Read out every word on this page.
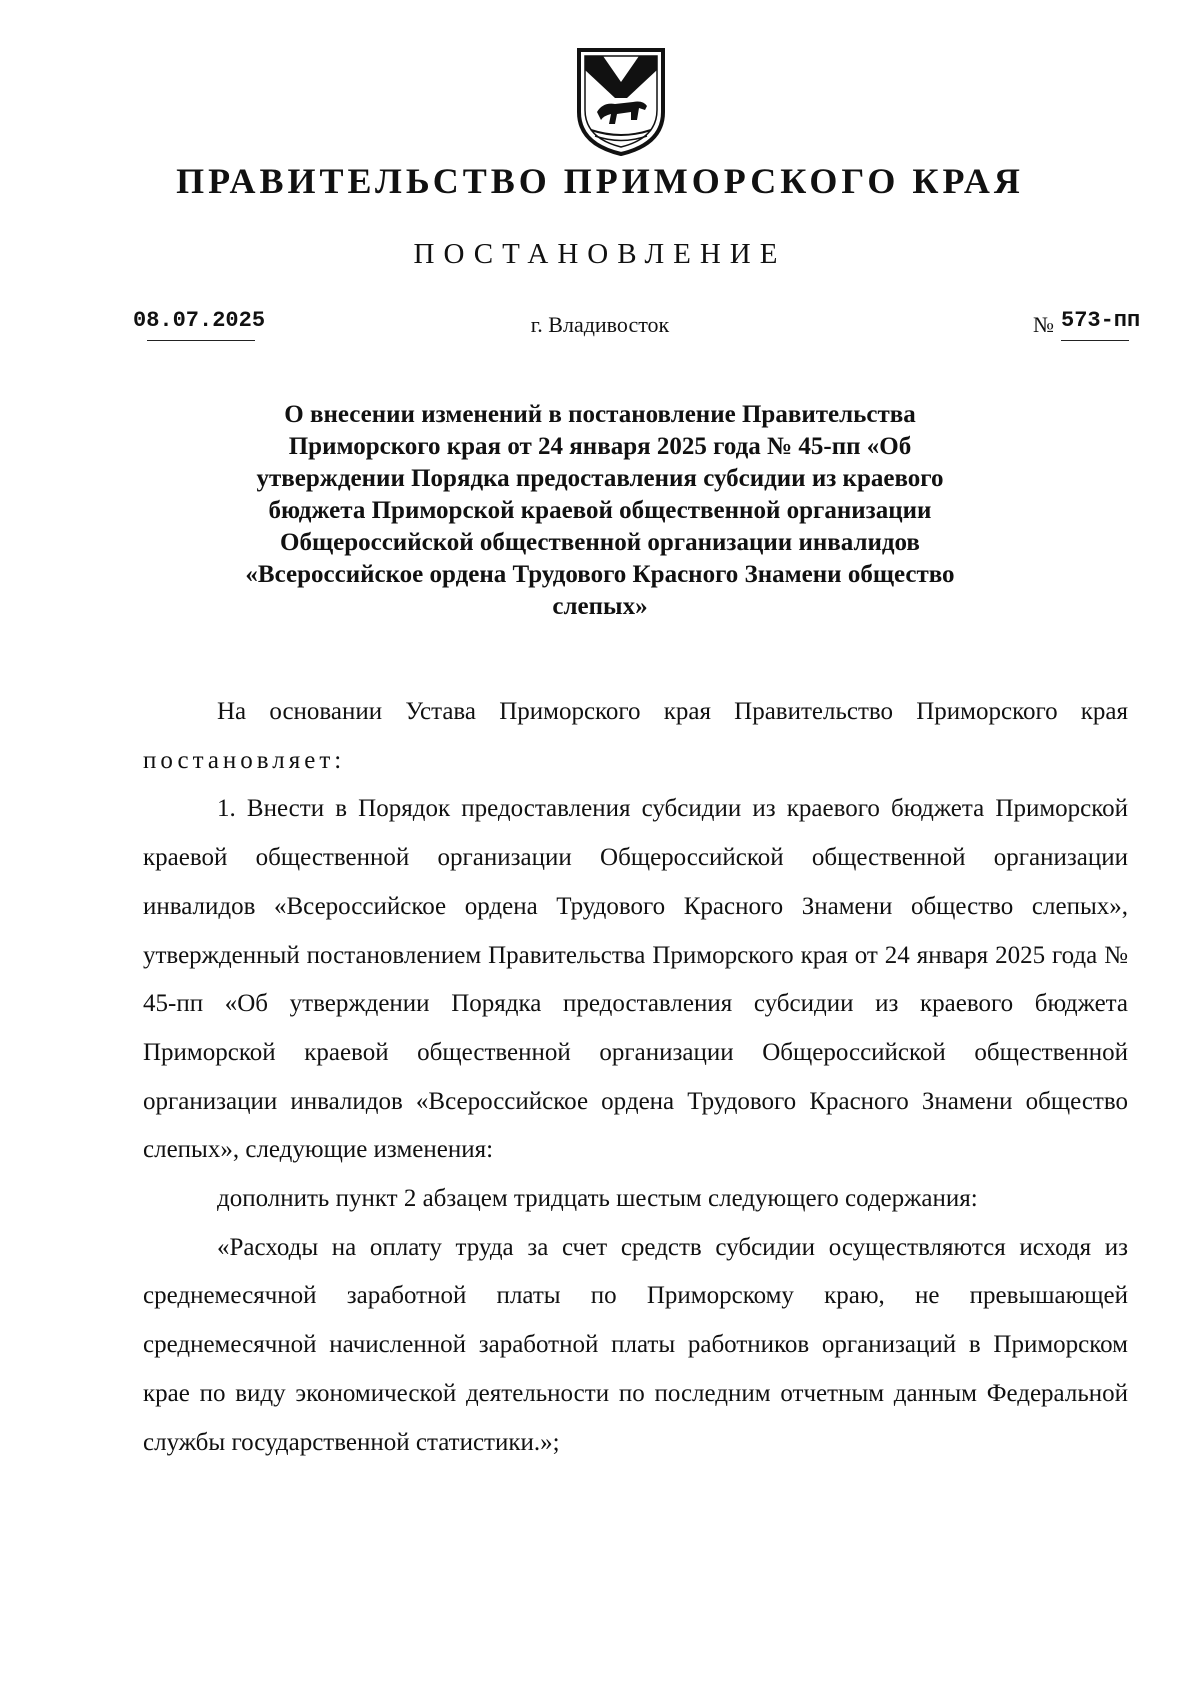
ПРАВИТЕЛЬСТВО ПРИМОРСКОГО КРАЯ
ПОСТАНОВЛЕНИЕ
08.07.2025	г. Владивосток	№ 573-пп
О внесении изменений в постановление Правительства Приморского края от 24 января 2025 года № 45-пп «Об утверждении Порядка предоставления субсидии из краевого бюджета Приморской краевой общественной организации Общероссийской общественной организации инвалидов «Всероссийское ордена Трудового Красного Знамени общество слепых»

На основании Устава Приморского края Правительство Приморского края постановляет:

1. Внести в Порядок предоставления субсидии из краевого бюджета Приморской краевой общественной организации Общероссийской общественной организации инвалидов «Всероссийское ордена Трудового Красного Знамени общество слепых», утвержденный постановлением Правительства Приморского края от 24 января 2025 года № 45-пп «Об утверждении Порядка предоставления субсидии из краевого бюджета Приморской краевой общественной организации Общероссийской общественной организации инвалидов «Всероссийское ордена Трудового Красного Знамени общество слепых», следующие изменения:

дополнить пункт 2 абзацем тридцать шестым следующего содержания:

«Расходы на оплату труда за счет средств субсидии осуществляются исходя из среднемесячной заработной платы по Приморскому краю, не превышающей среднемесячной начисленной заработной платы работников организаций в Приморском крае по виду экономической деятельности по последним отчетным данным Федеральной службы государственной статистики.»;
